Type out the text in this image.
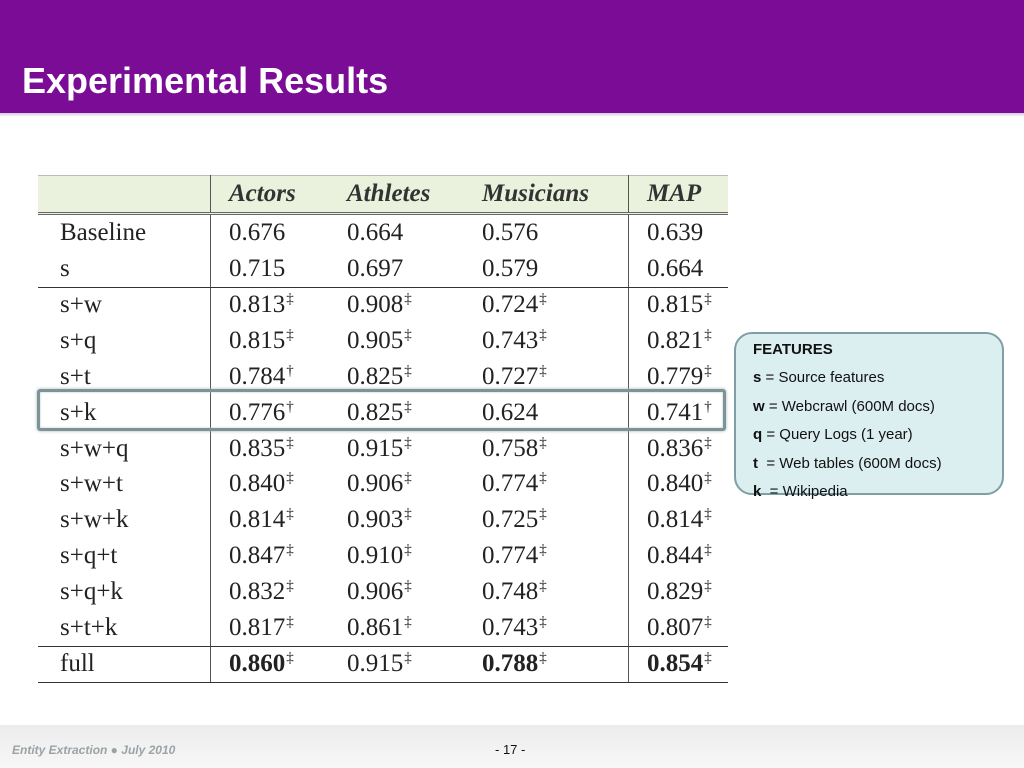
Experimental Results
	Actors	Athletes	Musicians	MAP
Baseline	0.676	0.664	0.576	0.639
s	0.715	0.697	0.579	0.664
s+w	0.813‡	0.908‡	0.724‡	0.815‡
s+q	0.815‡	0.905‡	0.743‡	0.821‡
s+t	0.784†	0.825‡	0.727‡	0.779‡
s+k	0.776†	0.825‡	0.624	0.741†
s+w+q	0.835‡	0.915‡	0.758‡	0.836‡
s+w+t	0.840‡	0.906‡	0.774‡	0.840‡
s+w+k	0.814‡	0.903‡	0.725‡	0.814‡
s+q+t	0.847‡	0.910‡	0.774‡	0.844‡
s+q+k	0.832‡	0.906‡	0.748‡	0.829‡
s+t+k	0.817‡	0.861‡	0.743‡	0.807‡
full	0.860‡	0.915‡	0.788‡	0.854‡
FEATURES
s = Source features
w = Webcrawl (600M docs)
q = Query Logs (1 year)
t  = Web tables (600M docs)
k  = Wikipedia
Entity Extraction ● July 2010	- 17 -
